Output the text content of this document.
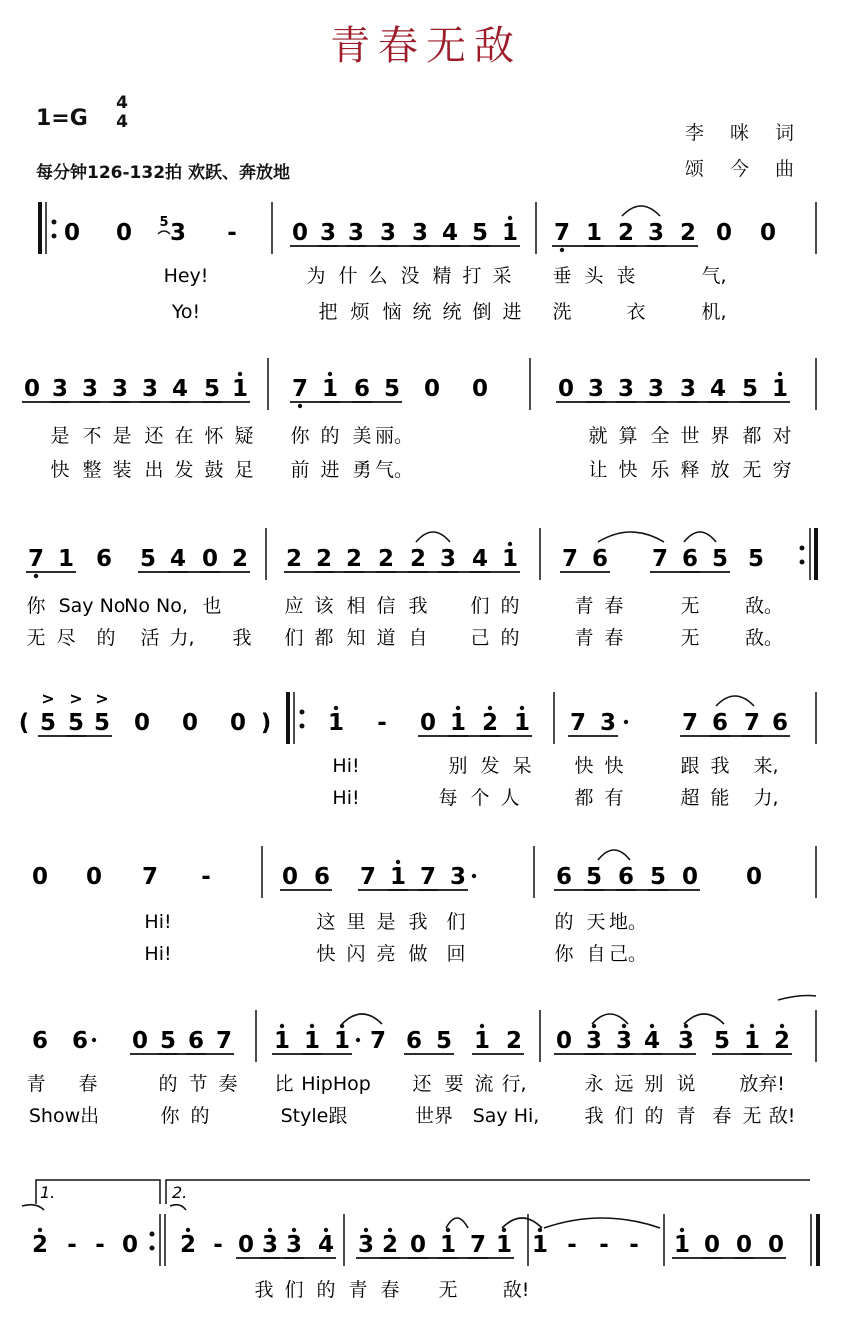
青春无敌
1=G
4
4
每分钟126-132拍 欢跃、奔放地
李 咪 词
颂 今 曲
0 0 3
5	- 0 3 3 3 3 4 5 1 7 1 2 3 2 0 0
Hey!	为 什 么 没 精 打 采 垂 头 丧	气,
Yo!	把 烦 恼 统 统 倒 进 洗	衣	机,
0 3 3 3 3 4 5 1 7 1 6 5 0 0	0 3 3 3 3 4 5 1
是 不 是 还 在 怀 疑 你 的 美 丽。	就 算 全 世 界 都 对
快 整 装 出 发 鼓 足 前 进 勇 气。	让 快 乐 释 放 无 穷
7 1 6 5 4 0 2 2 2 2 2 2 3 4 1 7 6 7 6 5 5
你 Say No
No No, 也	应 该 相 信 我 们 的	青 春	无 敌。
无 尽 的 活 力, 我 们 都 知 道 自 己 的	青 春	无 敌。
( 5
>
5
>
5
>
0 0 0 ) 1 - 0 1 2 1 7 3	7 6 7 6
Hi!	别 发 呆 快 快	跟 我 来,
Hi!	每 个 人	都 有	超 能 力,
0 0 7 -	0 6 7 1 7 3	6 5 6 5 0 0
Hi!	这 里 是 我 们	的 天 地。
Hi!	快 闪 亮 做 回	你 自 己。
6 6 0 5 6 7 1 1 1 7 6 5 1 2 0 3 3 4 3 5 1 2
青 春	的 节 奏 比 HipHop 还 要 流 行,	永 远 别 说 放弃!
Show出	你 的	Style跟	世界 Say Hi, 我 们 的 青 春 无 敌!
2 - - 0 2 - 0 3 3 4 3 2 0 1 7 1 1 - - - 1 0 0 0
我 们 的 青 春 无 敌!
1.	2.
